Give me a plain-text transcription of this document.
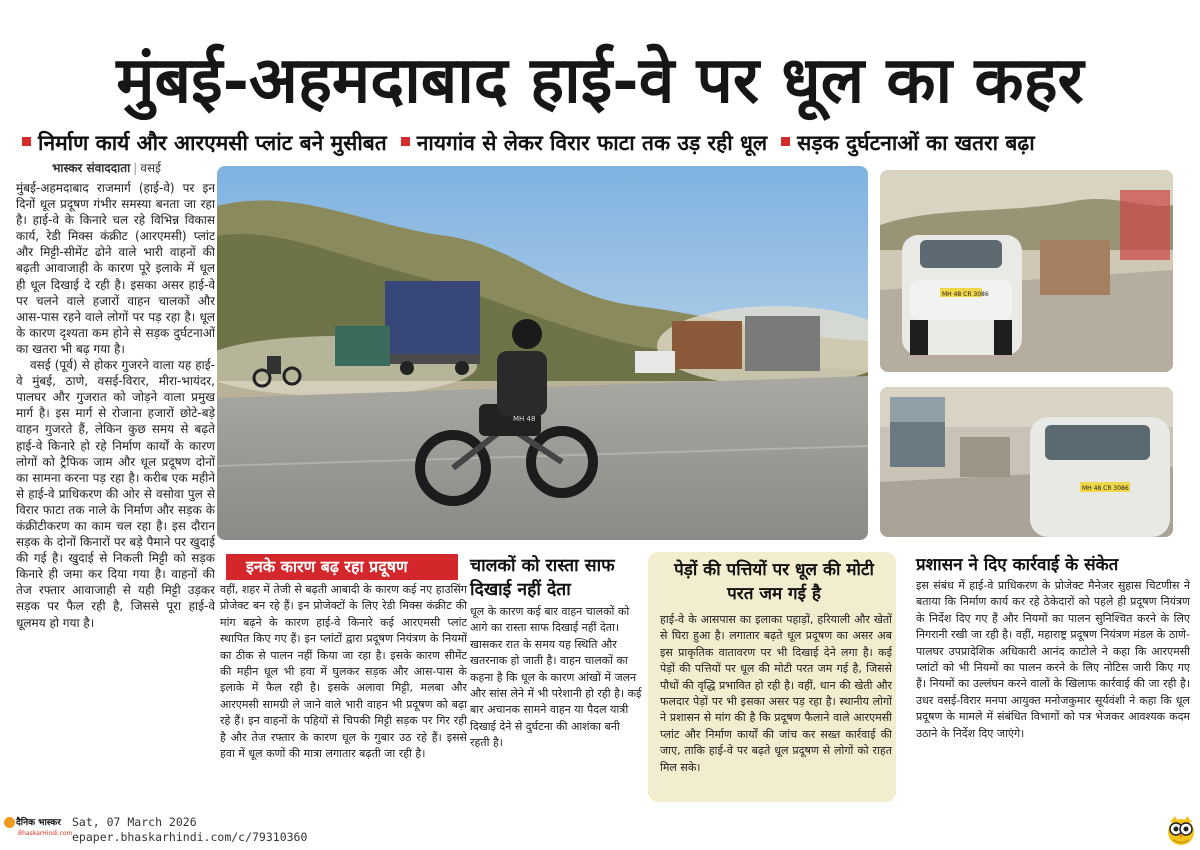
मुंबई-अहमदाबाद हाई-वे पर धूल का कहर
निर्माण कार्य और आरएमसी प्लांट बने मुसीबत	नायगांव से लेकर विरार फाटा तक उड़ रही धूल	सड़क दुर्घटनाओं का खतरा बढ़ा
भास्कर संवाददाता | वसई

मुंबई-अहमदाबाद राजमार्ग (हाई-वे) पर इन दिनों धूल प्रदूषण गंभीर समस्या बनता जा रहा है। हाई-वे के किनारे चल रहे विभिन्न विकास कार्य, रेडी मिक्स कंक्रीट (आरएमसी) प्लांट और मिट्टी-सीमेंट ढोने वाले भारी वाहनों की बढ़ती आवाजाही के कारण पूरे इलाके में धूल ही धूल दिखाई दे रही है। इसका असर हाई-वे पर चलने वाले हजारों वाहन चालकों और आस-पास रहने वाले लोगों पर पड़ रहा है। धूल के कारण दृश्यता कम होने से सड़क दुर्घटनाओं का खतरा भी बढ़ गया है।

वसई (पूर्व) से होकर गुजरने वाला यह हाई-वे मुंबई, ठाणे, वसई-विरार, मीरा-भायंदर, पालघर और गुजरात को जोड़ने वाला प्रमुख मार्ग है। इस मार्ग से रोजाना हजारों छोटे-बड़े वाहन गुजरते हैं, लेकिन कुछ समय से बढ़ते हाई-वे किनारे हो रहे निर्माण कार्यों के कारण लोगों को ट्रैफिक जाम और धूल प्रदूषण दोनों का सामना करना पड़ रहा है। करीब एक महीने से हाई-वे प्राधिकरण की ओर से वसोवा पुल से विरार फाटा तक नाले के निर्माण और सड़क के कंक्रीटीकरण का काम चल रहा है। इस दौरान सड़क के दोनों किनारों पर बड़े पैमाने पर खुदाई की गई है। खुदाई से निकली मिट्टी को सड़क किनारे ही जमा कर दिया गया है। वाहनों की तेज रफ्तार आवाजाही से यही मिट्टी उड़कर सड़क पर फैल रही है, जिससे पूरा हाई-वे धूलमय हो गया है।

MH 48
MH 48 CR 3086
MH 48 CR 3086
इनके कारण बढ़ रहा प्रदूषण
वहीं, शहर में तेजी से बढ़ती आबादी के कारण कई नए हाउसिंग प्रोजेक्ट बन रहे हैं। इन प्रोजेक्टों के लिए रेडी मिक्स कंक्रीट की मांग बढ़ने के कारण हाई-वे किनारे कई आरएमसी प्लांट स्थापित किए गए हैं। इन प्लांटों द्वारा प्रदूषण नियंत्रण के नियमों का ठीक से पालन नहीं किया जा रहा है। इसके कारण सीमेंट की महीन धूल भी हवा में घुलकर सड़क और आस-पास के इलाके में फैल रही है। इसके अलावा मिट्टी, मलबा और आरएमसी सामग्री ले जाने वाले भारी वाहन भी प्रदूषण को बढ़ा रहे हैं। इन वाहनों के पहियों से चिपकी मिट्टी सड़क पर गिर रही है और तेज रफ्तार के कारण धूल के गुबार उठ रहे हैं। इससे हवा में धूल कणों की मात्रा लगातार बढ़ती जा रही है।
चालकों को रास्ता साफ दिखाई नहीं देता
धूल के कारण कई बार वाहन चालकों को आगे का रास्ता साफ दिखाई नहीं देता। खासकर रात के समय यह स्थिति और खतरनाक हो जाती है। वाहन चालकों का कहना है कि धूल के कारण आंखों में जलन और सांस लेने में भी परेशानी हो रही है। कई बार अचानक सामने वाहन या पैदल यात्री दिखाई देने से दुर्घटना की आशंका बनी रहती है।
पेड़ों की पत्तियों पर धूल की मोटी परत जम गई है
हाई-वे के आसपास का इलाका पहाड़ों, हरियाली और खेतों से घिरा हुआ है। लगातार बढ़ते धूल प्रदूषण का असर अब इस प्राकृतिक वातावरण पर भी दिखाई देने लगा है। कई पेड़ों की पत्तियों पर धूल की मोटी परत जम गई है, जिससे पौधों की वृद्धि प्रभावित हो रही है। वहीं, धान की खेती और फलदार पेड़ों पर भी इसका असर पड़ रहा है। स्थानीय लोगों ने प्रशासन से मांग की है कि प्रदूषण फैलाने वाले आरएमसी प्लांट और निर्माण कार्यों की जांच कर सख्त कार्रवाई की जाए, ताकि हाई-वे पर बढ़ते धूल प्रदूषण से लोगों को राहत मिल सके।
प्रशासन ने दिए कार्रवाई के संकेत
इस संबंध में हाई-वे प्राधिकरण के प्रोजेक्ट मैनेजर सुहास चिटणीस ने बताया कि निर्माण कार्य कर रहे ठेकेदारों को पहले ही प्रदूषण नियंत्रण के निर्देश दिए गए हैं और नियमों का पालन सुनिश्चित करने के लिए निगरानी रखी जा रही है। वहीं, महाराष्ट्र प्रदूषण नियंत्रण मंडल के ठाणे-पालघर उपप्रादेशिक अधिकारी आनंद काटोले ने कहा कि आरएमसी प्लांटों को भी नियमों का पालन करने के लिए नोटिस जारी किए गए हैं। नियमों का उल्लंघन करने वालों के खिलाफ कार्रवाई की जा रही है। उधर वसई-विरार मनपा आयुक्त मनोजकुमार सूर्यवंशी ने कहा कि धूल प्रदूषण के मामले में संबंधित विभागों को पत्र भेजकर आवश्यक कदम उठाने के निर्देश दिए जाएंगे।
दैनिक भास्कर
BhaskarHindi.com
Sat, 07 March 2026
epaper.bhaskarhindi.com/c/79310360
